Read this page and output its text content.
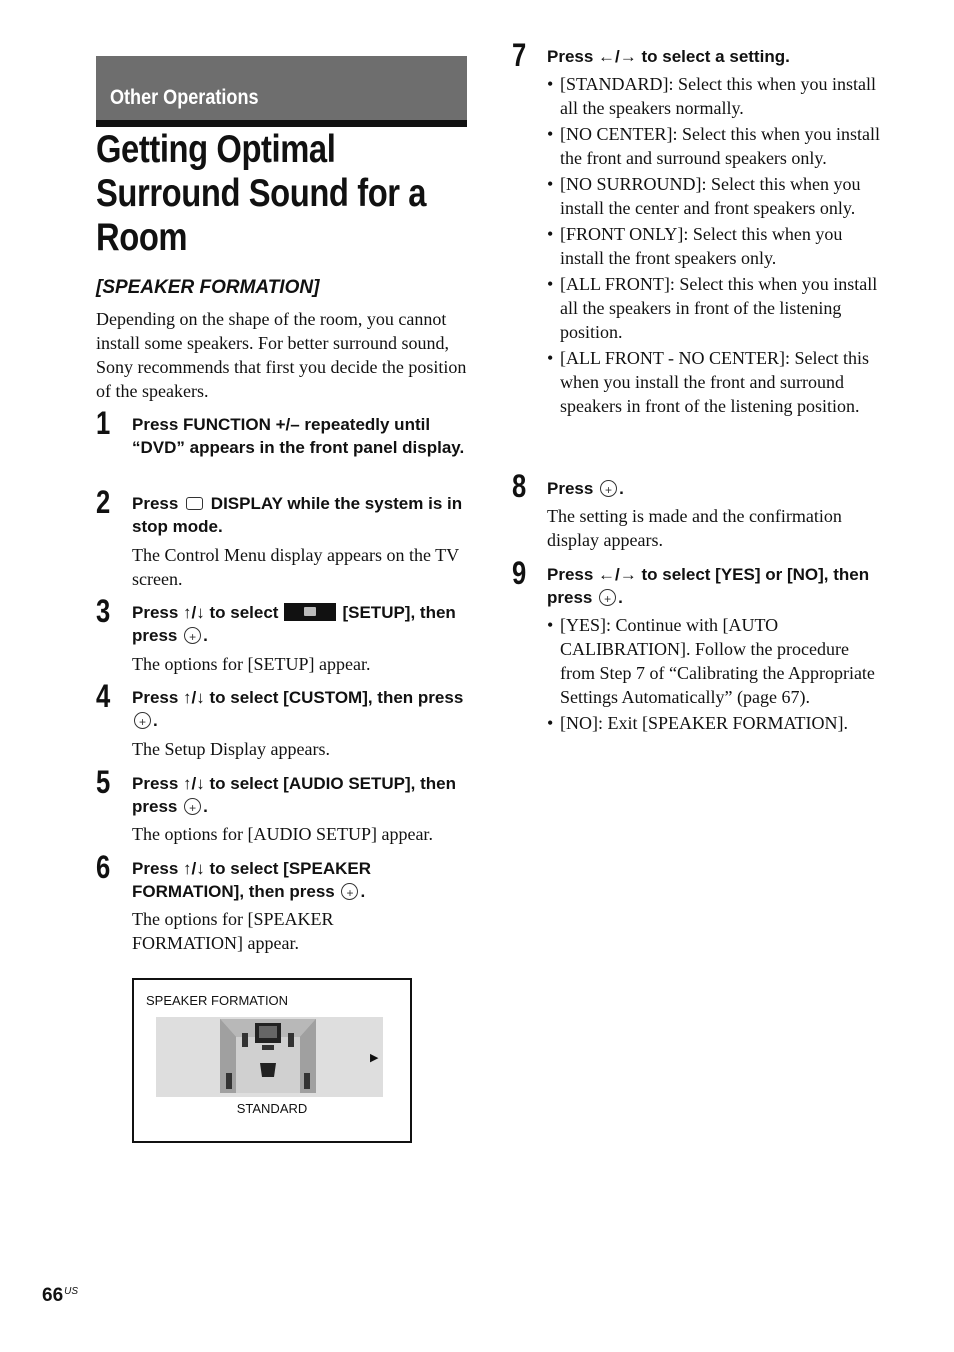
Other Operations
Getting Optimal
Surround Sound for a
Room
[SPEAKER FORMATION]

Depending on the shape of the room, you cannot install some speakers. For better surround sound, Sony recommends that first you decide the position of the speakers.

1 Press FUNCTION +/– repeatedly until “DVD” appears in the front panel display.

2 Press DISPLAY while the system is in stop mode.

The Control Menu display appears on the TV screen.

3 Press ↑/↓ to select	[SETUP], then press + .

The options for [SETUP] appear.

4 Press ↑/↓ to select [CUSTOM], then press +.

The Setup Display appears.

5 Press ↑/↓ to select [AUDIO SETUP], then press + .

The options for [AUDIO SETUP] appear.

6 Press ↑/↓ to select [SPEAKER FORMATION], then press + .

The options for [SPEAKER FORMATION] appear.

SPEAKER FORMATION
▶
STANDARD
7 Press ←/→ to select a setting.

• [STANDARD]: Select this when you install all the speakers normally.
• [NO CENTER]: Select this when you install the front and surround speakers only.
• [NO SURROUND]: Select this when you install the center and front speakers only.
• [FRONT ONLY]: Select this when you install the front speakers only.
• [ALL FRONT]: Select this when you install all the speakers in front of the listening position.
• [ALL FRONT - NO CENTER]: Select this when you install the front and surround speakers in front of the listening position.
8 Press + .

The setting is made and the confirmation display appears.

9 Press ←/→ to select [YES] or [NO], then press + .

• [YES]: Continue with [AUTO CALIBRATION]. Follow the procedure from Step 7 of “Calibrating the Appropriate Settings Automatically” (page 67).
• [NO]: Exit [SPEAKER FORMATION].
$66^{US}$
